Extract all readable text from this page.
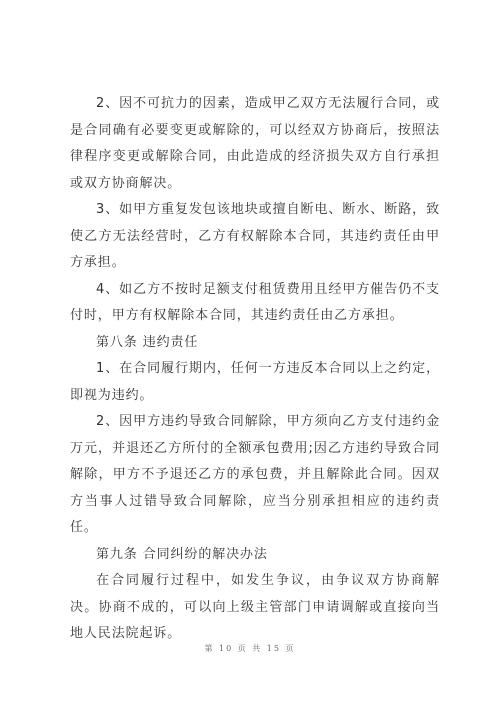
2、因不可抗力的因素，造成甲乙双方无法履行合同，或是合同确有必要变更或解除的，可以经双方协商后，按照法律程序变更或解除合同，由此造成的经济损失双方自行承担或双方协商解决。

3、如甲方重复发包该地块或擅自断电、断水、断路，致使乙方无法经营时，乙方有权解除本合同，其违约责任由甲方承担。

4、如乙方不按时足额支付租赁费用且经甲方催告仍不支付时，甲方有权解除本合同，其违约责任由乙方承担。

第八条 违约责任

1、在合同履行期内，任何一方违反本合同以上之约定，即视为违约。

2、因甲方违约导致合同解除，甲方须向乙方支付违约金万元，并退还乙方所付的全额承包费用;因乙方违约导致合同解除，甲方不予退还乙方的承包费，并且解除此合同。因双方当事人过错导致合同解除，应当分别承担相应的违约责任。

第九条 合同纠纷的解决办法

在合同履行过程中，如发生争议，由争议双方协商解决。协商不成的，可以向上级主管部门申请调解或直接向当地人民法院起诉。

第 10 页 共 15 页
